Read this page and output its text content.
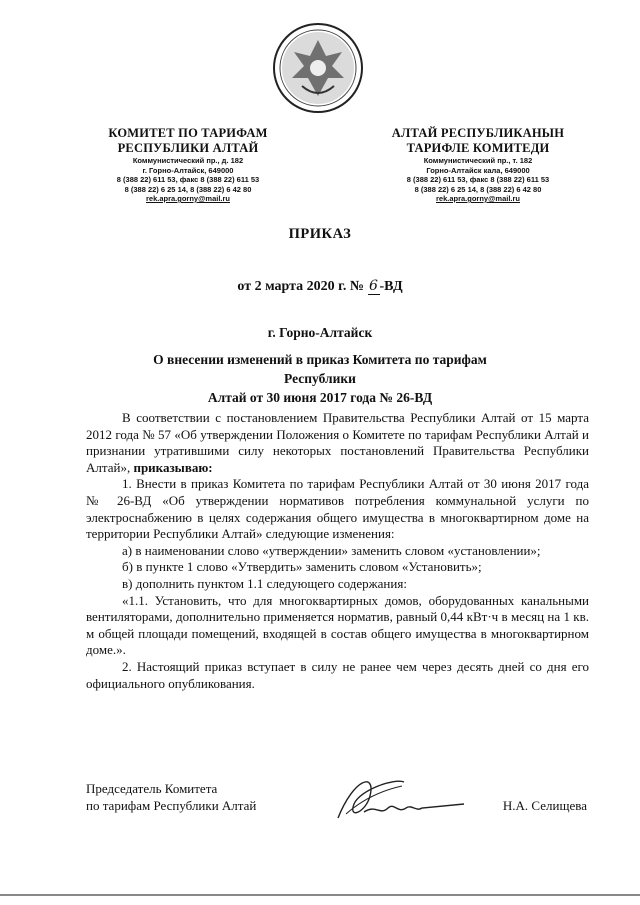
КОМИТЕТ ПО ТАРИФАМ
РЕСПУБЛИКИ АЛТАЙ
Коммунистический пр., д. 182
г. Горно-Алтайск, 649000
8 (388 22) 611 53, факс 8 (388 22) 611 53
8 (388 22) 6 25 14, 8 (388 22) 6 42 80
rek.apra.gorny@mail.ru
АЛТАЙ РЕСПУБЛИКАНЫН
ТАРИФЛЕ КОМИТЕДИ
Коммунистический пр., т. 182
Горно-Алтайск кала, 649000
8 (388 22) 611 53, факс 8 (388 22) 611 53
8 (388 22) 6 25 14, 8 (388 22) 6 42 80
rek.apra.gorny@mail.ru
ПРИКАЗ
от 2 марта 2020 г. № 6 -ВД
г. Горно-Алтайск
О внесении изменений в приказ Комитета по тарифам Республики
Алтай от 30 июня 2017 года № 26-ВД

В соответствии с постановлением Правительства Республики Алтай от 15 марта 2012 года № 57 «Об утверждении Положения о Комитете по тарифам Республики Алтай и признании утратившими силу некоторых постановлений Правительства Республики Алтай», приказываю:

1. Внести в приказ Комитета по тарифам Республики Алтай от 30 июня 2017 года № 26-ВД «Об утверждении нормативов потребления коммунальной услуги по электроснабжению в целях содержания общего имущества в многоквартирном доме на территории Республики Алтай» следующие изменения:

а) в наименовании слово «утверждении» заменить словом «установлении»;

б) в пункте 1 слово «Утвердить» заменить словом «Установить»;

в) дополнить пунктом 1.1 следующего содержания:

«1.1. Установить, что для многоквартирных домов, оборудованных канальными вентиляторами, дополнительно применяется норматив, равный 0,44 кВт·ч в месяц на 1 кв. м общей площади помещений, входящей в состав общего имущества в многоквартирном доме.».

2. Настоящий приказ вступает в силу не ранее чем через десять дней со дня его официального опубликования.

Председатель Комитета
по тарифам Республики Алтай	Н.А. Селищева
